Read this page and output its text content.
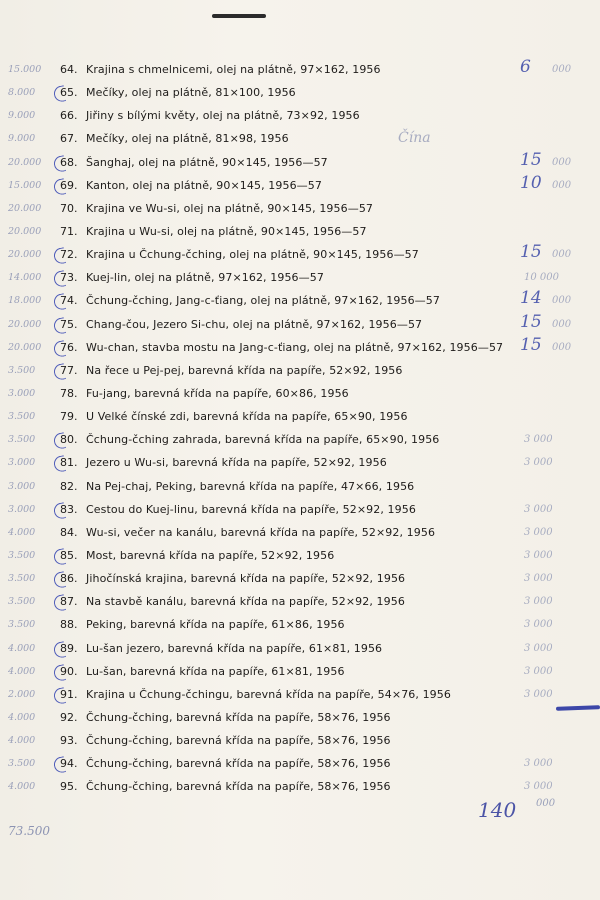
15.000	64. Krajina s chmelnicemi, olej na plátně, 97×162, 1956	6 000
8.000	65. Mečíky, olej na plátně, 81×100, 1956
9.000	66. Jiřiny s bílými květy, olej na plátně, 73×92, 1956
9.000	67. Mečíky, olej na plátně, 81×98, 1956	Čína
20.000	68. Šanghaj, olej na plátně, 90×145, 1956—57	15 000
15.000	69. Kanton, olej na plátně, 90×145, 1956—57	10 000
20.000	70. Krajina ve Wu-si, olej na plátně, 90×145, 1956—57
20.000	71. Krajina u Wu-si, olej na plátně, 90×145, 1956—57
20.000	72. Krajina u Čchung-čching, olej na plátně, 90×145, 1956—57	15 000
14.000	73. Kuej-lin, olej na plátně, 97×162, 1956—57	10 000
18.000	74. Čchung-čching, Jang-c-ťiang, olej na plátně, 97×162, 1956—57	14 000
20.000	75. Chang-čou, Jezero Si-chu, olej na plátně, 97×162, 1956—57	15 000
20.000	76. Wu-chan, stavba mostu na Jang-c-ťiang, olej na plátně, 97×162, 1956—57 15 000
3.500	77. Na řece u Pej-pej, barevná křída na papíře, 52×92, 1956
3.000	78. Fu-jang, barevná křída na papíře, 60×86, 1956
3.500	79. U Velké čínské zdi, barevná křída na papíře, 65×90, 1956
3.500	80. Čchung-čching zahrada, barevná křída na papíře, 65×90, 1956	3 000
3.000	81. Jezero u Wu-si, barevná křída na papíře, 52×92, 1956	3 000
3.000	82. Na Pej-chaj, Peking, barevná křída na papíře, 47×66, 1956
3.000	83. Cestou do Kuej-linu, barevná křída na papíře, 52×92, 1956	3 000
4.000	84. Wu-si, večer na kanálu, barevná křída na papíře, 52×92, 1956	3 000
3.500	85. Most, barevná křída na papíře, 52×92, 1956	3 000
3.500	86. Jihočínská krajina, barevná křída na papíře, 52×92, 1956	3 000
3.500	87. Na stavbě kanálu, barevná křída na papíře, 52×92, 1956	3 000
3.500	88. Peking, barevná křída na papíře, 61×86, 1956	3 000
4.000	89. Lu-šan jezero, barevná křída na papíře, 61×81, 1956	3 000
4.000	90. Lu-šan, barevná křída na papíře, 61×81, 1956	3 000
2.000	91. Krajina u Čchung-čchingu, barevná křída na papíře, 54×76, 1956	3 000
4.000	92. Čchung-čching, barevná křída na papíře, 58×76, 1956
4.000	93. Čchung-čching, barevná křída na papíře, 58×76, 1956
3.500	94. Čchung-čching, barevná křída na papíře, 58×76, 1956	3 000
4.000	95. Čchung-čching, barevná křída na papíře, 58×76, 1956	3 000
140 000
73.500
